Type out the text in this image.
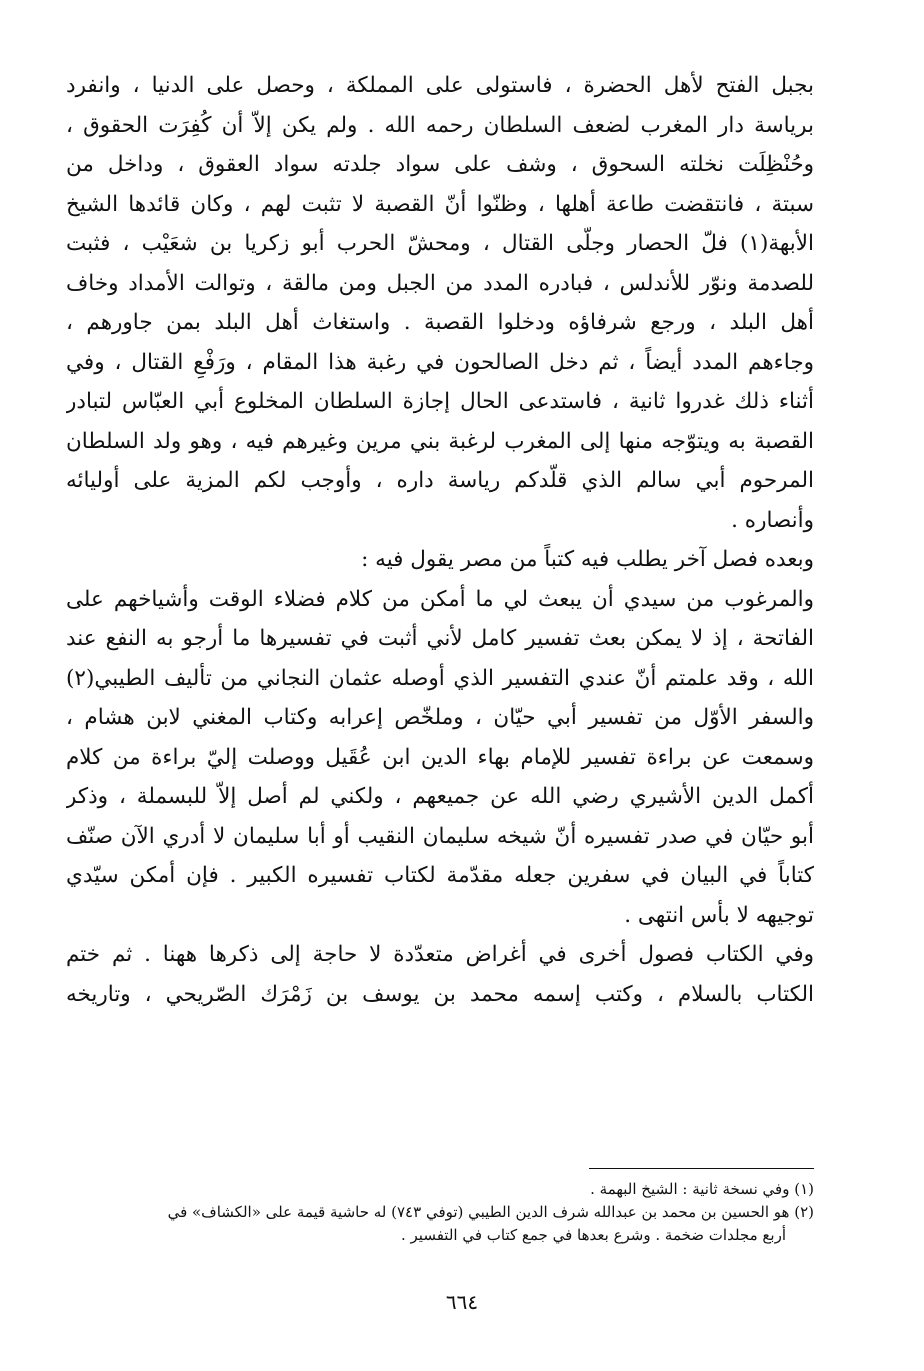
بجبل الفتح لأهل الحضرة ، فاستولى على المملكة ، وحصل على الدنيا ، وانفرد
برياسة دار المغرب لضعف السلطان رحمه الله . ولم يكن إلاّ أن كُفِرَت الحقوق ،
وحُنْظِلَت نخلته السحوق ، وشف على سواد جلدته سواد العقوق ، وداخل من
سبتة ، فانتقضت طاعة أهلها ، وظنّوا أنّ القصبة لا تثبت لهم ، وكان قائدها الشيخ
الأبهة(١) فلّ الحصار وجلّى القتال ، ومحشّ الحرب أبو زكريا بن شعَيْب ، فثبت
للصدمة ونوّر للأندلس ، فبادره المدد من الجبل ومن مالقة ، وتوالت الأمداد وخاف
أهل البلد ، ورجع شرفاؤه ودخلوا القصبة . واستغاث أهل البلد بمن جاورهم ،
وجاءهم المدد أيضاً ، ثم دخل الصالحون في رغبة هذا المقام ، ورَفْعِ القتال ، وفي
أثناء ذلك غدروا ثانية ، فاستدعى الحال إجازة السلطان المخلوع أبي العبّاس لتبادر
القصبة به ويتوّجه منها إلى المغرب لرغبة بني مرين وغيرهم فيه ، وهو ولد السلطان
المرحوم أبي سالم الذي قلّدكم رياسة داره ، وأوجب لكم المزية على أوليائه
وأنصاره .
وبعده فصل آخر يطلب فيه كتباً من مصر يقول فيه :
والمرغوب من سيدي أن يبعث لي ما أمكن من كلام فضلاء الوقت وأشياخهم على
الفاتحة ، إذ لا يمكن بعث تفسير كامل لأني أثبت في تفسيرها ما أرجو به النفع عند
الله ، وقد علمتم أنّ عندي التفسير الذي أوصله عثمان النجاني من تأليف الطيبي(٢)
والسفر الأوّل من تفسير أبي حيّان ، وملخّص إعرابه وكتاب المغني لابن هشام ،
وسمعت عن براءة تفسير للإمام بهاء الدين ابن عُقَيل ووصلت إليّ براءة من كلام
أكمل الدين الأشيري رضي الله عن جميعهم ، ولكني لم أصل إلاّ للبسملة ، وذكر
أبو حيّان في صدر تفسيره أنّ شيخه سليمان النقيب أو أبا سليمان لا أدري الآن صنّف
كتاباً في البيان في سفرين جعله مقدّمة لكتاب تفسيره الكبير . فإن أمكن سيّدي
توجيهه لا بأس انتهى .
وفي الكتاب فصول أخرى في أغراض متعدّدة لا حاجة إلى ذكرها ههنا . ثم ختم
الكتاب بالسلام ، وكتب إسمه محمد بن يوسف بن زَمْرَك الصّريحي ، وتاريخه
(١) وفي نسخة ثانية : الشيخ البهمة .
(٢) هو الحسين بن محمد بن عبدالله شرف الدين الطيبي (توفي ٧٤٣) له حاشية قيمة على «الكشاف» في
أربع مجلدات ضخمة . وشرع بعدها في جمع كتاب في التفسير .
٦٦٤
